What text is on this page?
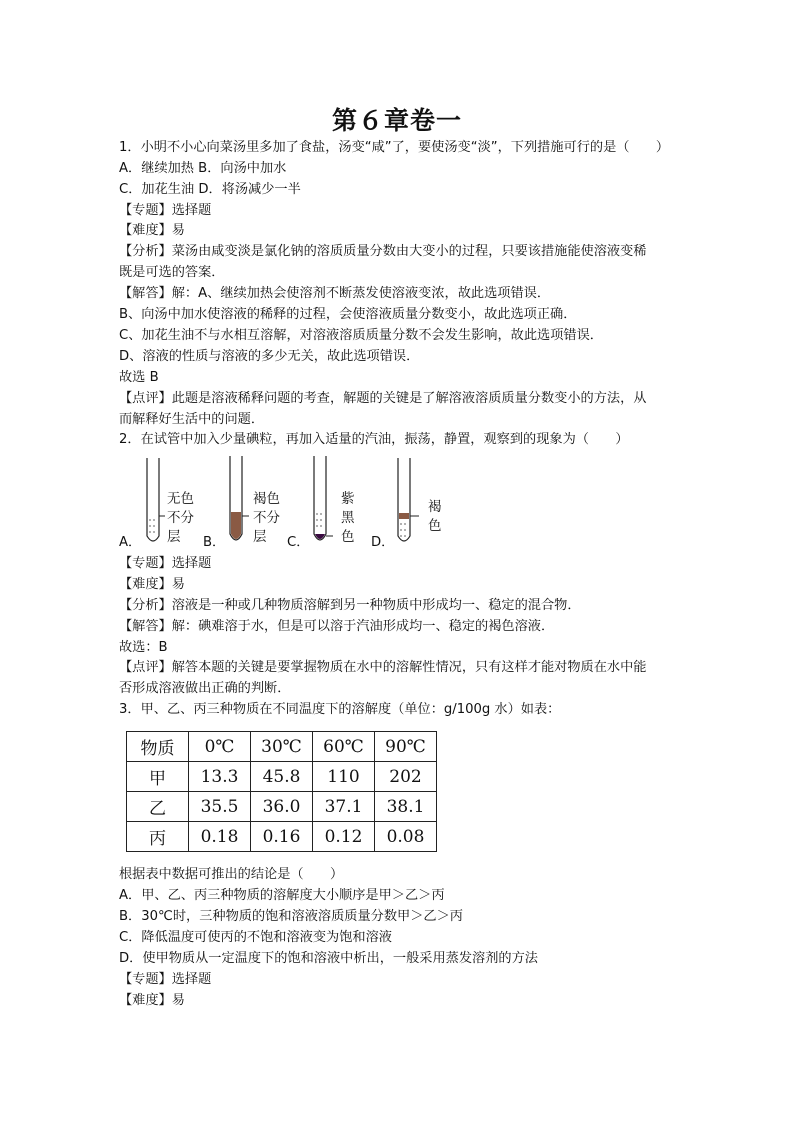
第６章卷一
1．小明不小心向菜汤里多加了食盐，汤变“咸”了，要使汤变“淡”，下列措施可行的是（　　）
A．继续加热 B．向汤中加水
C．加花生油 D．将汤减少一半
【专题】选择题
【难度】易
【分析】菜汤由咸变淡是氯化钠的溶质质量分数由大变小的过程，只要该措施能使溶液变稀
既是可选的答案．
【解答】解：A、继续加热会使溶剂不断蒸发使溶液变浓，故此选项错误．
B、向汤中加水使溶液的稀释的过程，会使溶液质量分数变小，故此选项正确．
C、加花生油不与水相互溶解，对溶液溶质质量分数不会发生影响，故此选项错误．
D、溶液的性质与溶液的多少无关，故此选项错误．
故选 B
【点评】此题是溶液稀释问题的考查，解题的关键是了解溶液溶质质量分数变小的方法，从
而解释好生活中的问题．
2．在试管中加入少量碘粒，再加入适量的汽油，振荡，静置，观察到的现象为（　　）
A．
无色
不分
层	B．
褐色
不分
层	C．
紫
黑
色 D．
褐
色
【专题】选择题
【难度】易
【分析】溶液是一种或几种物质溶解到另一种物质中形成均一、稳定的混合物．
【解答】解：碘难溶于水，但是可以溶于汽油形成均一、稳定的褐色溶液．
故选：B
【点评】解答本题的关键是要掌握物质在水中的溶解性情况，只有这样才能对物质在水中能
否形成溶液做出正确的判断．
3．甲、乙、丙三种物质在不同温度下的溶解度（单位：g/100g 水）如表：
物质	0℃	30℃	60℃	90℃
甲	13.3	45.8	110	202
乙	35.5	36.0	37.1	38.1
丙	0.18	0.16	0.12	0.08
根据表中数据可推出的结论是（　　）
A．甲、乙、丙三种物质的溶解度大小顺序是甲＞乙＞丙
B．30℃时，三种物质的饱和溶液溶质质量分数甲＞乙＞丙
C．降低温度可使丙的不饱和溶液变为饱和溶液
D．使甲物质从一定温度下的饱和溶液中析出，一般采用蒸发溶剂的方法
【专题】选择题
【难度】易
